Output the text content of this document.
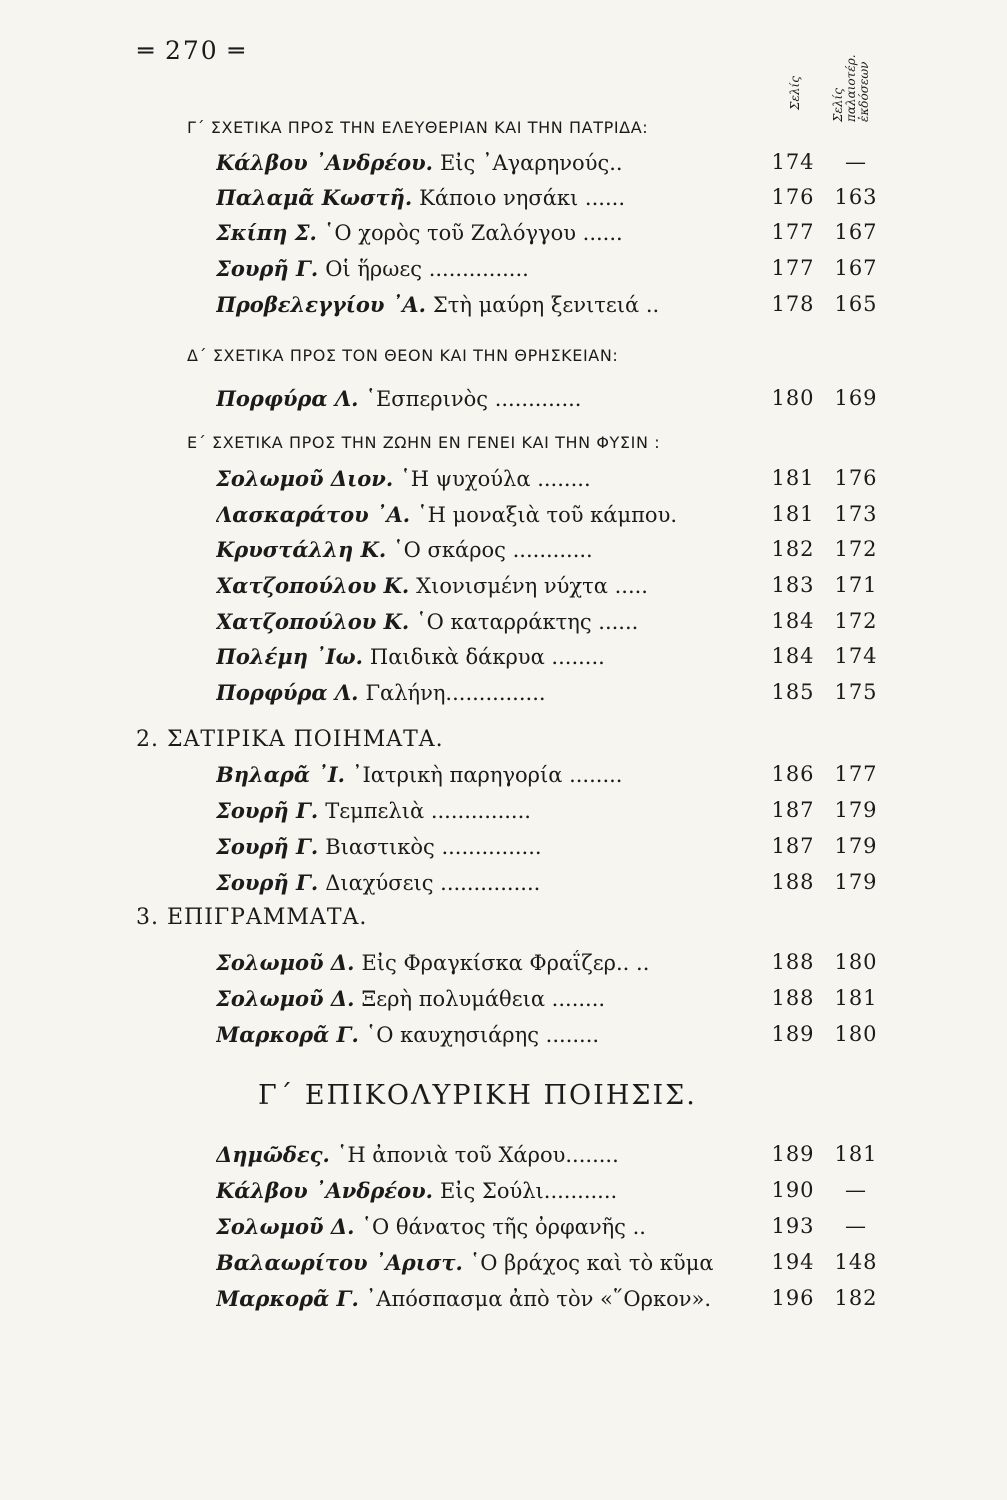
═ 270 ═
Σελίς Σελίς παλαιοτέρ. ἐκδόσεων
Γ΄ ΣΧΕΤΙΚΑ ΠΡΟΣ ΤΗΝ ΕΛΕΥΘΕΡΙΑΝ ΚΑΙ ΤΗΝ ΠΑΤΡΙΔΑ:
Κάλβου ᾽Ανδρέου. Εἰς ᾽Αγαρηνούς..	174	—
Παλαμᾶ Κωστῆ. Κάποιο νησάκι ......	176 163
Σκίπη Σ. ῾Ο χορὸς τοῦ Ζαλόγγου ......	177 167
Σουρῆ Γ. Οἱ ἥρωες ...............	177 167
Προβελεγγίου ᾽Α. Στὴ μαύρη ξενιτειά ..	178 165
Δ΄ ΣΧΕΤΙΚΑ ΠΡΟΣ ΤΟΝ ΘΕΟΝ ΚΑΙ ΤΗΝ ΘΡΗΣΚΕΙΑΝ:
Πορφύρα Λ. ῾Εσπερινὸς .............	180 169
Ε΄ ΣΧΕΤΙΚΑ ΠΡΟΣ ΤΗΝ ΖΩΗΝ ΕΝ ΓΕΝΕΙ ΚΑΙ ΤΗΝ ΦΥΣΙΝ :
Σολωμοῦ Διον. ῾Η ψυχούλα ........	181 176
Λασκαράτου ᾽Α. ῾Η μοναξιὰ τοῦ κάμπου.	181 173
Κρυστάλλη Κ. ῾Ο σκάρος ............	182 172
Χατζοπούλου Κ. Χιονισμένη νύχτα .....	183 171
Χατζοπούλου Κ. ῾Ο καταρράκτης ......	184 172
Πολέμη ᾽Ιω. Παιδικὰ δάκρυα ........	184 174
Πορφύρα Λ. Γαλήνη...............	185 175
2. ΣΑΤΙΡΙΚΑ ΠΟΙΗΜΑΤΑ.
Βηλαρᾶ ᾽Ι. ᾽Ιατρικὴ παρηγορία ........	186 177
Σουρῆ Γ. Τεμπελιὰ ...............	187 179
Σουρῆ Γ. Βιαστικὸς ...............	187 179
Σουρῆ Γ. Διαχύσεις ...............	188 179
3. ΕΠΙΓΡΑΜΜΑΤΑ.
Σολωμοῦ Δ. Εἰς Φραγκίσκα Φραΐζερ.. ..	188 180
Σολωμοῦ Δ. Ξερὴ πολυμάθεια ........	188 181
Μαρκορᾶ Γ. ῾Ο καυχησιάρης ........	189 180
Γ΄ ΕΠΙΚΟΛΥΡΙΚΗ ΠΟΙΗΣΙΣ.
Δημῶδες. ῾Η ἀπονιὰ τοῦ Χάρου........	189 181
Κάλβου ᾽Ανδρέου. Εἰς Σούλι...........	190	—
Σολωμοῦ Δ. ῾Ο θάνατος τῆς ὀρφανῆς ..	193	—
Βαλαωρίτου ᾽Αριστ. ῾Ο βράχος καὶ τὸ κῦμα	194 148
Μαρκορᾶ Γ. ᾽Απόσπασμα ἀπὸ τὸν «῞Ορκον».	196 182
